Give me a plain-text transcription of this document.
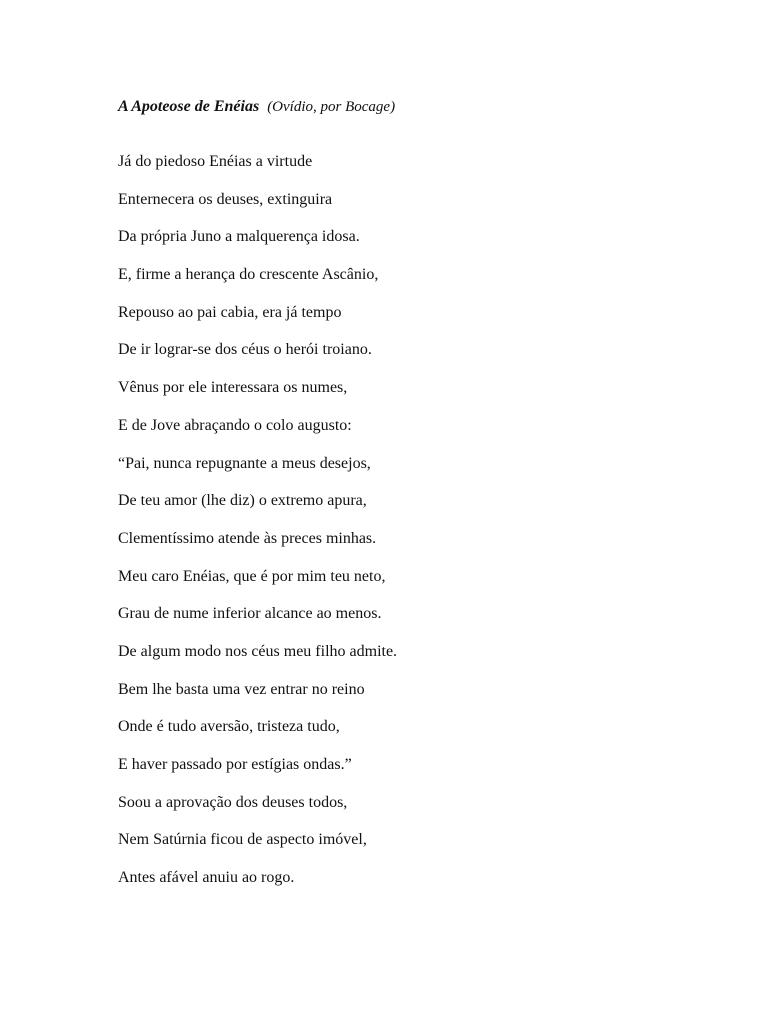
A Apoteose de Enéias (Ovídio, por Bocage)

Já do piedoso Enéias a virtude

Enternecera os deuses, extinguira

Da própria Juno a malquerença idosa.

E, firme a herança do crescente Ascânio,

Repouso ao pai cabia, era já tempo

De ir lograr-se dos céus o herói troiano.

Vênus por ele interessara os numes,

E de Jove abraçando o colo augusto:

“Pai, nunca repugnante a meus desejos,

De teu amor (lhe diz) o extremo apura,

Clementíssimo atende às preces minhas.

Meu caro Enéias, que é por mim teu neto,

Grau de nume inferior alcance ao menos.

De algum modo nos céus meu filho admite.

Bem lhe basta uma vez entrar no reino

Onde é tudo aversão, tristeza tudo,

E haver passado por estígias ondas.”

Soou a aprovação dos deuses todos,

Nem Satúrnia ficou de aspecto imóvel,

Antes afável anuiu ao rogo.
